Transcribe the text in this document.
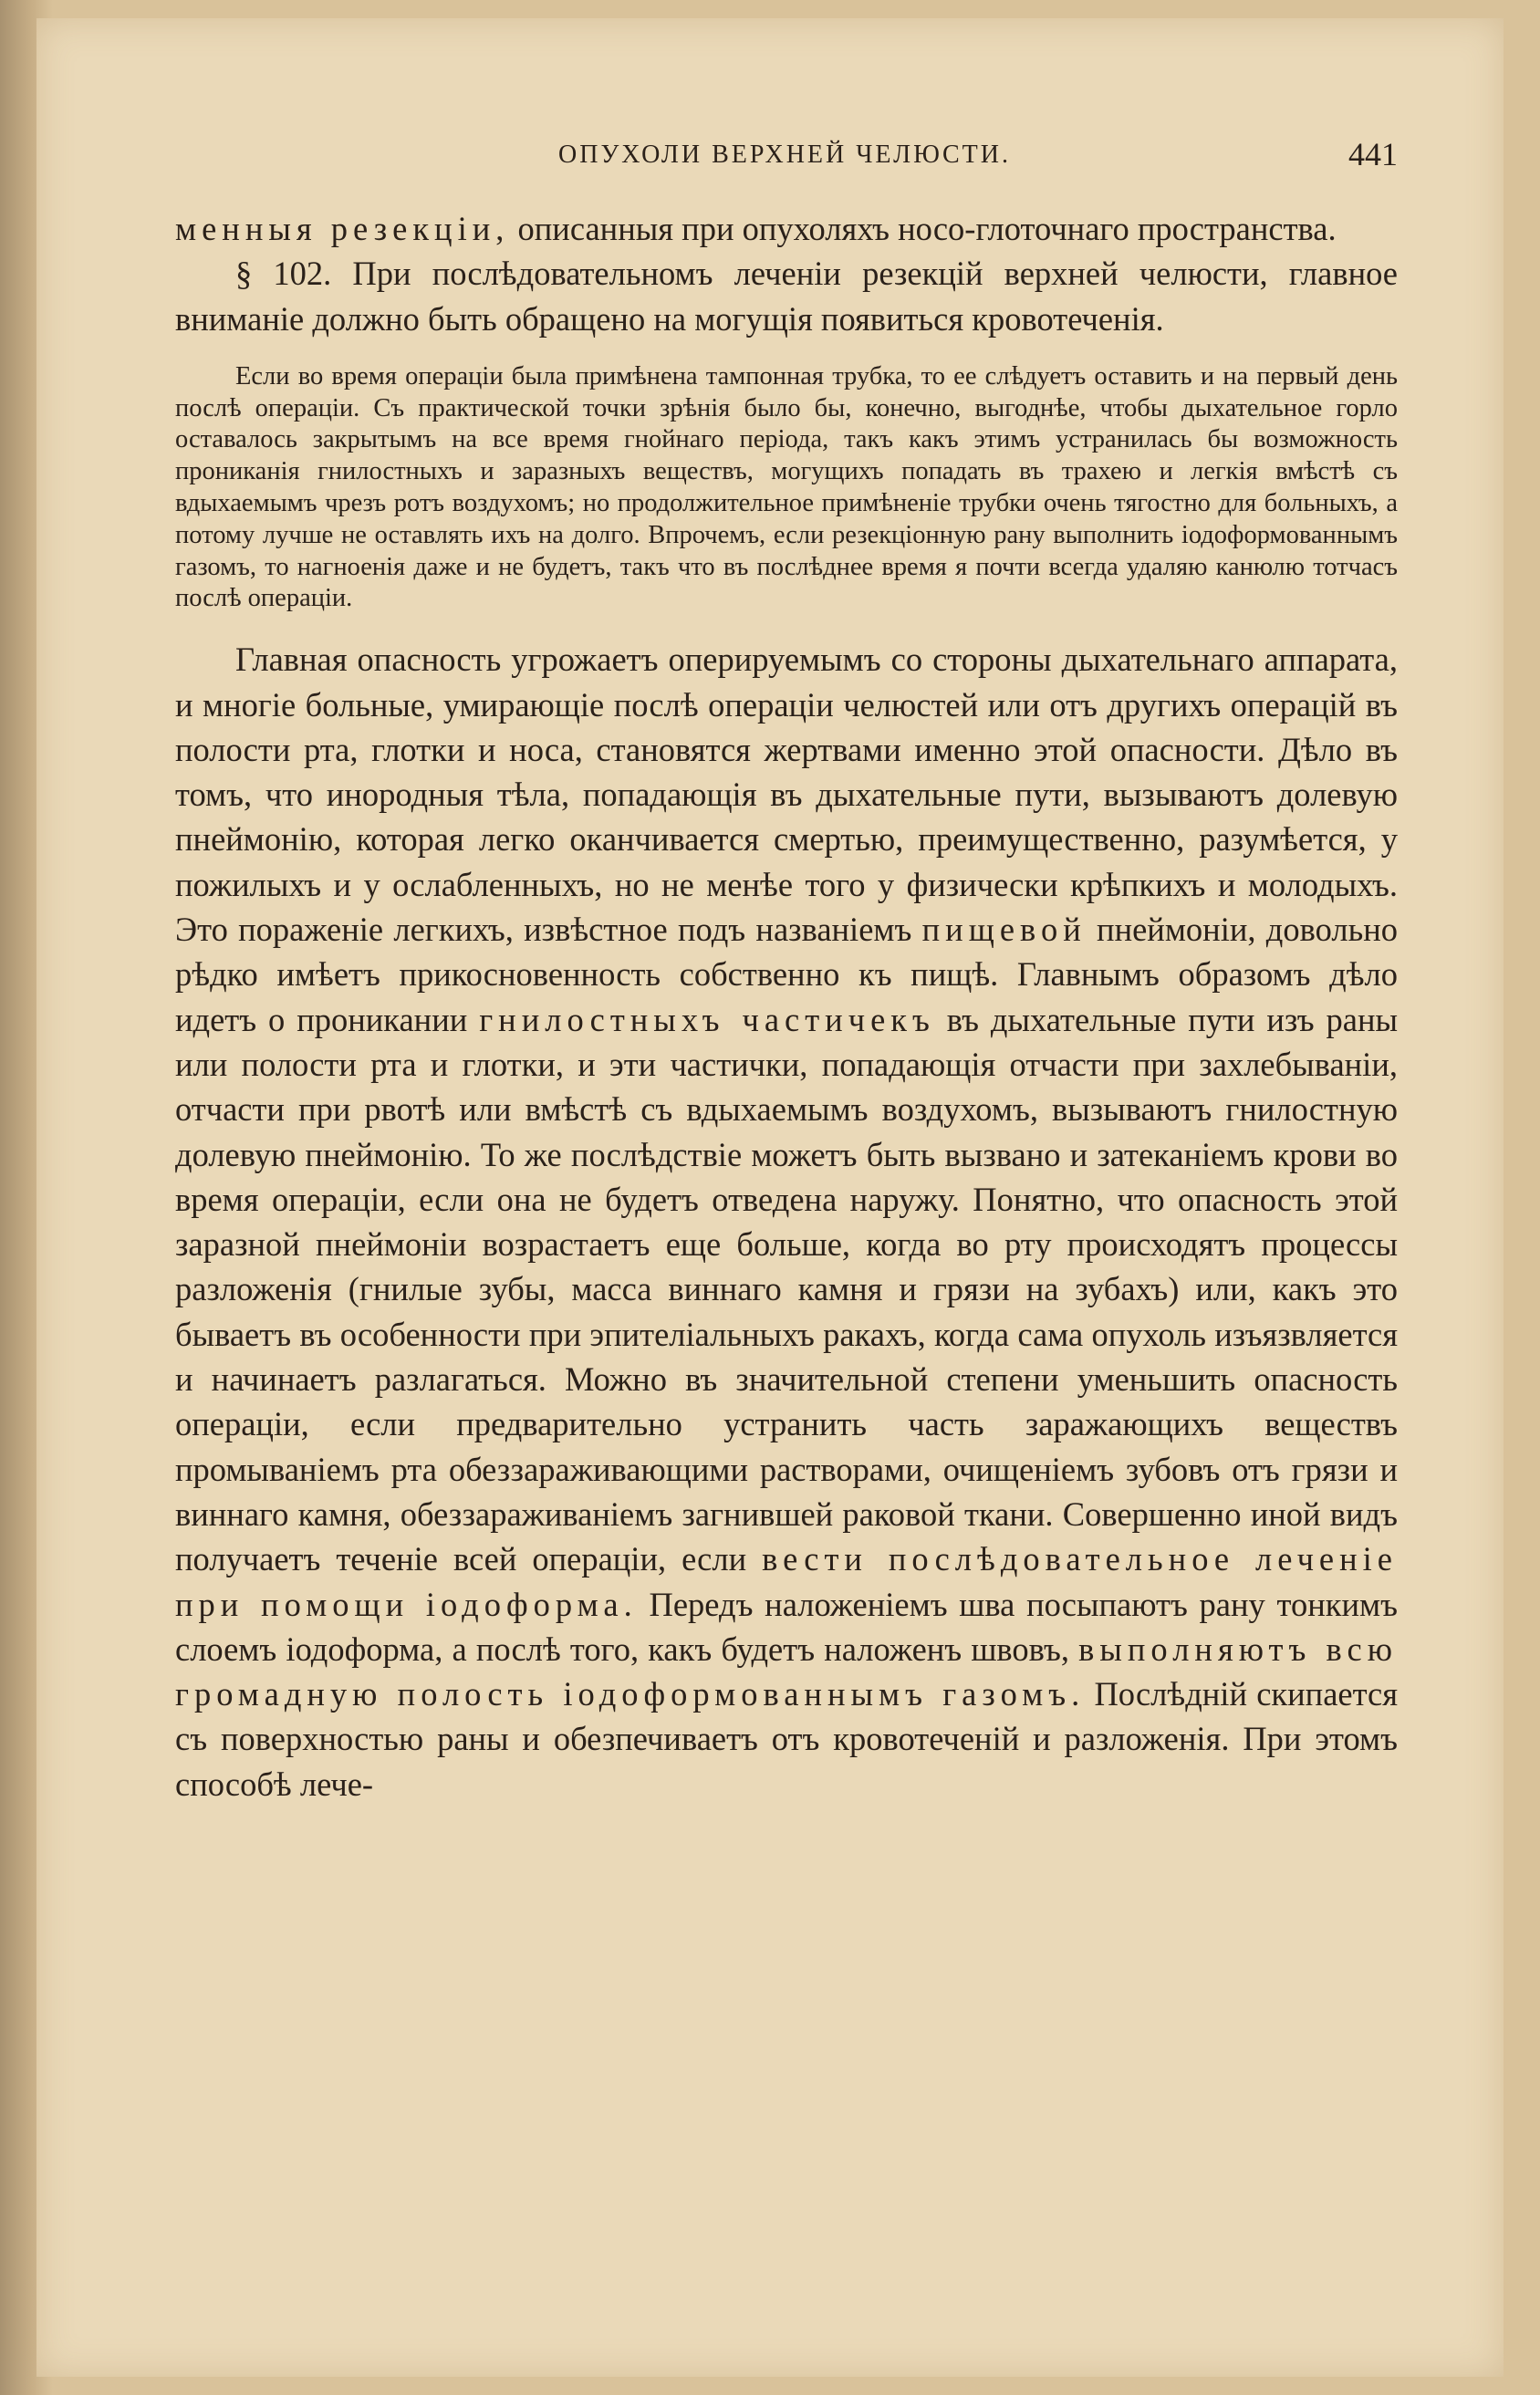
ОПУХОЛИ ВЕРХНЕЙ ЧЕЛЮСТИ.	441

менныя резекціи, описанныя при опухоляхъ носо-глоточнаго пространства.

§ 102. При послѣдовательномъ леченіи резекцій верхней челюсти, главное вниманіе должно быть обращено на могущія появиться кровотеченія.

Если во время операціи была примѣнена тампонная трубка, то ее слѣдуетъ оставить и на первый день послѣ операціи. Съ практической точки зрѣнія было бы, конечно, выгоднѣе, чтобы дыхательное горло оставалось закрытымъ на все время гнойнаго періода, такъ какъ этимъ устранилась бы возможность прониканія гнилостныхъ и заразныхъ веществъ, могущихъ попадать въ трахею и легкія вмѣстѣ съ вдыхаемымъ чрезъ ротъ воздухомъ; но продолжительное примѣненіе трубки очень тягостно для больныхъ, а потому лучше не оставлять ихъ на долго. Впрочемъ, если резекціонную рану выполнить іодоформованнымъ газомъ, то нагноенія даже и не будетъ, такъ что въ послѣднее время я почти всегда удаляю канюлю тотчасъ послѣ операціи.

Главная опасность угрожаетъ оперируемымъ со стороны дыхательнаго аппарата, и многіе больные, умирающіе послѣ операціи челюстей или отъ другихъ операцій въ полости рта, глотки и носа, становятся жертвами именно этой опасности. Дѣло въ томъ, что инородныя тѣла, попадающія въ дыхательные пути, вызываютъ долевую пнеймонію, которая легко оканчивается смертью, преимущественно, разумѣется, у пожилыхъ и у ослабленныхъ, но не менѣе того у физически крѣпкихъ и молодыхъ. Это пораженіе легкихъ, извѣстное подъ названіемъ пищевой пнеймоніи, довольно рѣдко имѣетъ прикосновенность собственно къ пищѣ. Главнымъ образомъ дѣло идетъ о проникании гнилостныхъ частичекъ въ дыхательные пути изъ раны или полости рта и глотки, и эти частички, попадающія отчасти при захлебываніи, отчасти при рвотѣ или вмѣстѣ съ вдыхаемымъ воздухомъ, вызываютъ гнилостную долевую пнеймонію. То же послѣдствіе можетъ быть вызвано и затеканіемъ крови во время операціи, если она не будетъ отведена наружу. Понятно, что опасность этой заразной пнеймоніи возрастаетъ еще больше, когда во рту происходятъ процессы разложенія (гнилые зубы, масса виннаго камня и грязи на зубахъ) или, какъ это бываетъ въ особенности при эпителіальныхъ ракахъ, когда сама опухоль изъязвляется и начинаетъ разлагаться. Можно въ значительной степени уменьшить опасность операціи, если предварительно устранить часть заражающихъ веществъ промываніемъ рта обеззараживающими растворами, очищеніемъ зубовъ отъ грязи и виннаго камня, обеззараживаніемъ загнившей раковой ткани. Совершенно иной видъ получаетъ теченіе всей операціи, если вести послѣдовательное леченіе при помощи іодоформа. Передъ наложеніемъ шва посыпаютъ рану тонкимъ слоемъ іодоформа, а послѣ того, какъ будетъ наложенъ швовъ, выполняютъ всю громадную полость іодоформованнымъ газомъ. Послѣдній скипается съ поверхностью раны и обезпечиваетъ отъ кровотеченій и разложенія. При этомъ способѣ лече-
